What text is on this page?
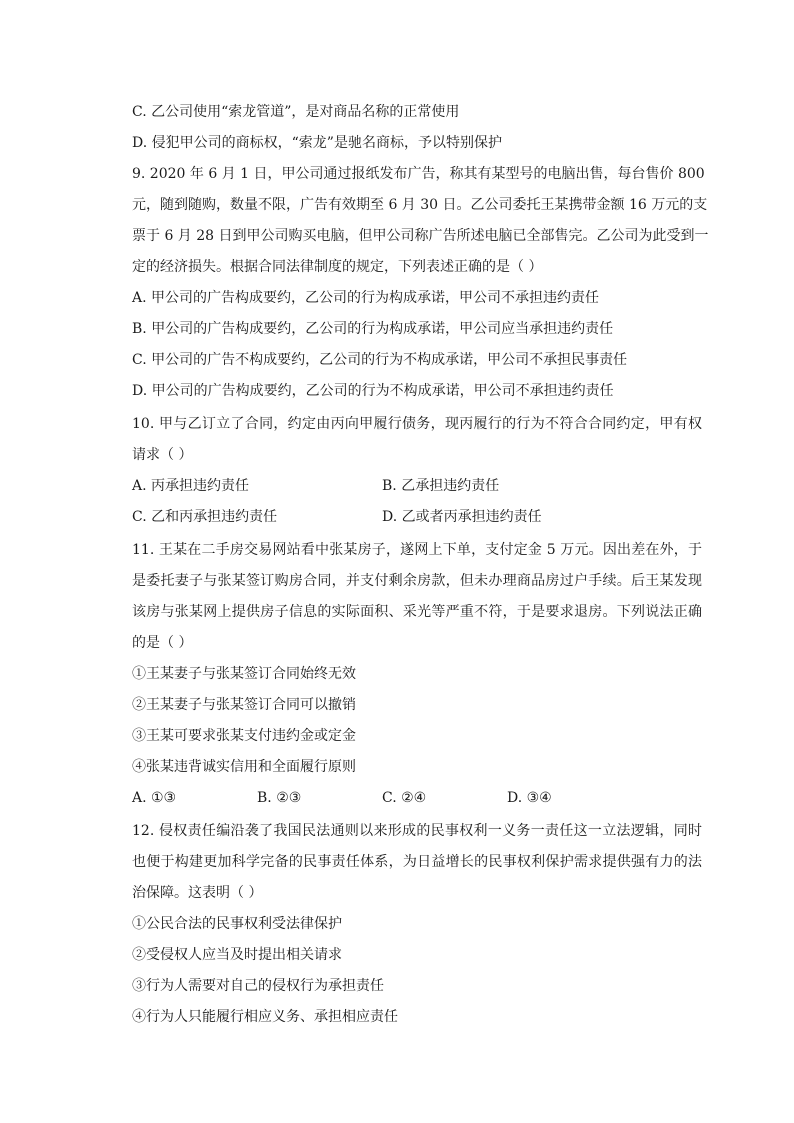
C. 乙公司使用“索龙管道”，是对商品名称的正常使用
D. 侵犯甲公司的商标权，“索龙”是驰名商标，予以特别保护
9. 2020 年 6 月 1 日，甲公司通过报纸发布广告，称其有某型号的电脑出售，每台售价 800
元，随到随购，数量不限，广告有效期至 6 月 30 日。乙公司委托王某携带金额 16 万元的支
票于 6 月 28 日到甲公司购买电脑，但甲公司称广告所述电脑已全部售完。乙公司为此受到一
定的经济损失。根据合同法律制度的规定，下列表述正确的是（ ）
A. 甲公司的广告构成要约，乙公司的行为构成承诺，甲公司不承担违约责任
B. 甲公司的广告构成要约，乙公司的行为构成承诺，甲公司应当承担违约责任
C. 甲公司的广告不构成要约，乙公司的行为不构成承诺，甲公司不承担民事责任
D. 甲公司的广告构成要约，乙公司的行为不构成承诺，甲公司不承担违约责任
10. 甲与乙订立了合同，约定由丙向甲履行债务，现丙履行的行为不符合合同约定，甲有权
请求（ ）
A. 丙承担违约责任	B. 乙承担违约责任
C. 乙和丙承担违约责任	D. 乙或者丙承担违约责任
11. 王某在二手房交易网站看中张某房子，遂网上下单，支付定金 5 万元。因出差在外，于
是委托妻子与张某签订购房合同，并支付剩余房款，但未办理商品房过户手续。后王某发现
该房与张某网上提供房子信息的实际面积、采光等严重不符，于是要求退房。下列说法正确
的是（ ）
①王某妻子与张某签订合同始终无效
②王某妻子与张某签订合同可以撤销
③王某可要求张某支付违约金或定金
④张某违背诚实信用和全面履行原则
A. ①③	B. ②③	C. ②④	D. ③④
12. 侵权责任编沿袭了我国民法通则以来形成的民事权利一义务一责任这一立法逻辑，同时
也便于构建更加科学完备的民事责任体系，为日益增长的民事权利保护需求提供强有力的法
治保障。这表明（ ）
①公民合法的民事权利受法律保护
②受侵权人应当及时提出相关请求
③行为人需要对自己的侵权行为承担责任
④行为人只能履行相应义务、承担相应责任
